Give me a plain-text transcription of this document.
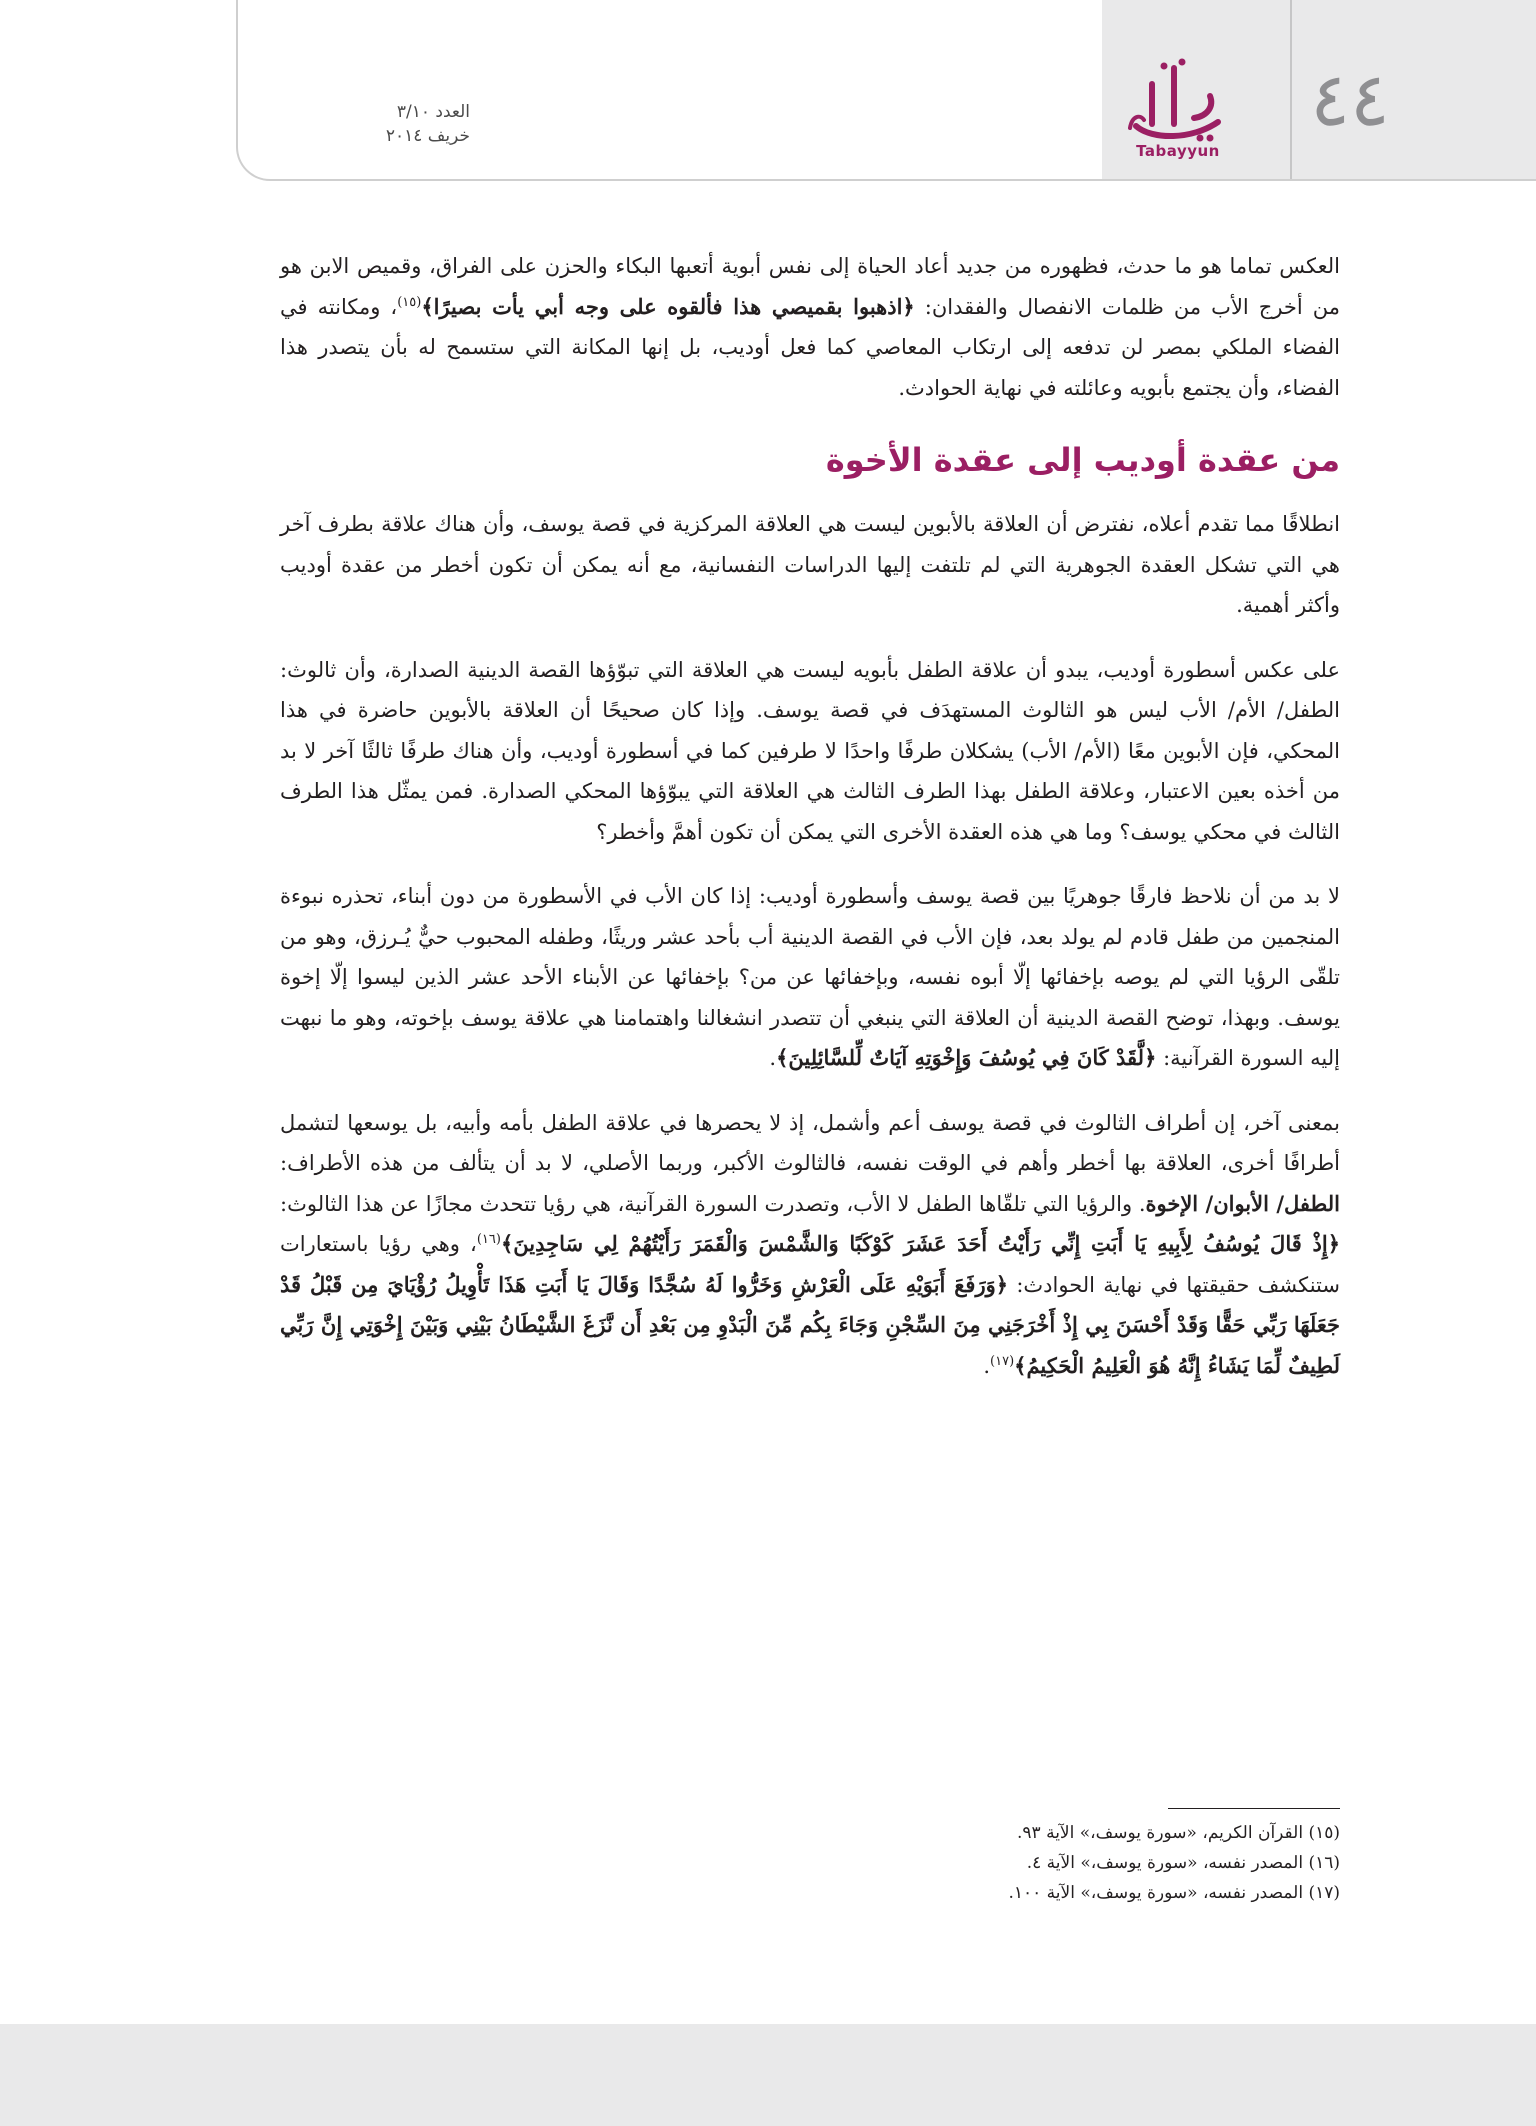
٤٤
Tabayyun
العدد ٣/١٠
خريف ٢٠١٤

العكس تماما هو ما حدث، فظهوره من جديد أعاد الحياة إلى نفس أبوية أتعبها البكاء والحزن على الفراق، وقميص الابن هو من أخرج الأب من ظلمات الانفصال والفقدان: ﴿اذهبوا بقميصي هذا فألقوه على وجه أبي يأت بصيرًا﴾$^{(١٥)}$، ومكانته في الفضاء الملكي بمصر لن تدفعه إلى ارتكاب المعاصي كما فعل أوديب، بل إنها المكانة التي ستسمح له بأن يتصدر هذا الفضاء، وأن يجتمع بأبويه وعائلته في نهاية الحوادث.

من عقدة أوديب إلى عقدة الأخوة

انطلاقًا مما تقدم أعلاه، نفترض أن العلاقة بالأبوين ليست هي العلاقة المركزية في قصة يوسف، وأن هناك علاقة بطرف آخر هي التي تشكل العقدة الجوهرية التي لم تلتفت إليها الدراسات النفسانية، مع أنه يمكن أن تكون أخطر من عقدة أوديب وأكثر أهمية.

على عكس أسطورة أوديب، يبدو أن علاقة الطفل بأبويه ليست هي العلاقة التي تبوّؤها القصة الدينية الصدارة، وأن ثالوث: الطفل/ الأم/ الأب ليس هو الثالوث المستهدَف في قصة يوسف. وإذا كان صحيحًا أن العلاقة بالأبوين حاضرة في هذا المحكي، فإن الأبوين معًا (الأم/ الأب) يشكلان طرفًا واحدًا لا طرفين كما في أسطورة أوديب، وأن هناك طرفًا ثالثًا آخر لا بد من أخذه بعين الاعتبار، وعلاقة الطفل بهذا الطرف الثالث هي العلاقة التي يبوّؤها المحكي الصدارة. فمن يمثّل هذا الطرف الثالث في محكي يوسف؟ وما هي هذه العقدة الأخرى التي يمكن أن تكون أهمَّ وأخطر؟

لا بد من أن نلاحظ فارقًا جوهريًا بين قصة يوسف وأسطورة أوديب: إذا كان الأب في الأسطورة من دون أبناء، تحذره نبوءة المنجمين من طفل قادم لم يولد بعد، فإن الأب في القصة الدينية أب بأحد عشر وريثًا، وطفله المحبوب حيٌّ يُـرزق، وهو من تلقّى الرؤيا التي لم يوصه بإخفائها إلّا أبوه نفسه، وبإخفائها عن من؟ بإخفائها عن الأبناء الأحد عشر الذين ليسوا إلّا إخوة يوسف. وبهذا، توضح القصة الدينية أن العلاقة التي ينبغي أن تتصدر انشغالنا واهتمامنا هي علاقة يوسف بإخوته، وهو ما نبهت إليه السورة القرآنية: ﴿لَّقَدْ كَانَ فِي يُوسُفَ وَإِخْوَتِهِ آيَاتٌ لِّلسَّائِلِينَ﴾.

بمعنى آخر، إن أطراف الثالوث في قصة يوسف أعم وأشمل، إذ لا يحصرها في علاقة الطفل بأمه وأبيه، بل يوسعها لتشمل أطرافًا أخرى، العلاقة بها أخطر وأهم في الوقت نفسه، فالثالوث الأكبر، وربما الأصلي، لا بد أن يتألف من هذه الأطراف: الطفل/ الأبوان/ الإخوة. والرؤيا التي تلقّاها الطفل لا الأب، وتصدرت السورة القرآنية، هي رؤيا تتحدث مجازًا عن هذا الثالوث: ﴿إِذْ قَالَ يُوسُفُ لِأَبِيهِ يَا أَبَتِ إِنِّي رَأَيْتُ أَحَدَ عَشَرَ كَوْكَبًا وَالشَّمْسَ وَالْقَمَرَ رَأَيْتُهُمْ لِي سَاجِدِينَ﴾$^{(١٦)}$، وهي رؤيا باستعارات ستنكشف حقيقتها في نهاية الحوادث: ﴿وَرَفَعَ أَبَوَيْهِ عَلَى الْعَرْشِ وَخَرُّوا لَهُ سُجَّدًا وَقَالَ يَا أَبَتِ هَذَا تَأْوِيلُ رُؤْيَايَ مِن قَبْلُ قَدْ جَعَلَهَا رَبِّي حَقًّا وَقَدْ أَحْسَنَ بِي إِذْ أَخْرَجَنِي مِنَ السِّجْنِ وَجَاءَ بِكُم مِّنَ الْبَدْوِ مِن بَعْدِ أَن نَّزَغَ الشَّيْطَانُ بَيْنِي وَبَيْنَ إِخْوَتِي إِنَّ رَبِّي لَطِيفٌ لِّمَا يَشَاءُ إِنَّهُ هُوَ الْعَلِيمُ الْحَكِيمُ﴾$^{(١٧)}$.

(١٥) القرآن الكريم، «سورة يوسف،» الآية ٩٣.
(١٦) المصدر نفسه، «سورة يوسف،» الآية ٤.
(١٧) المصدر نفسه، «سورة يوسف،» الآية ١٠٠.
